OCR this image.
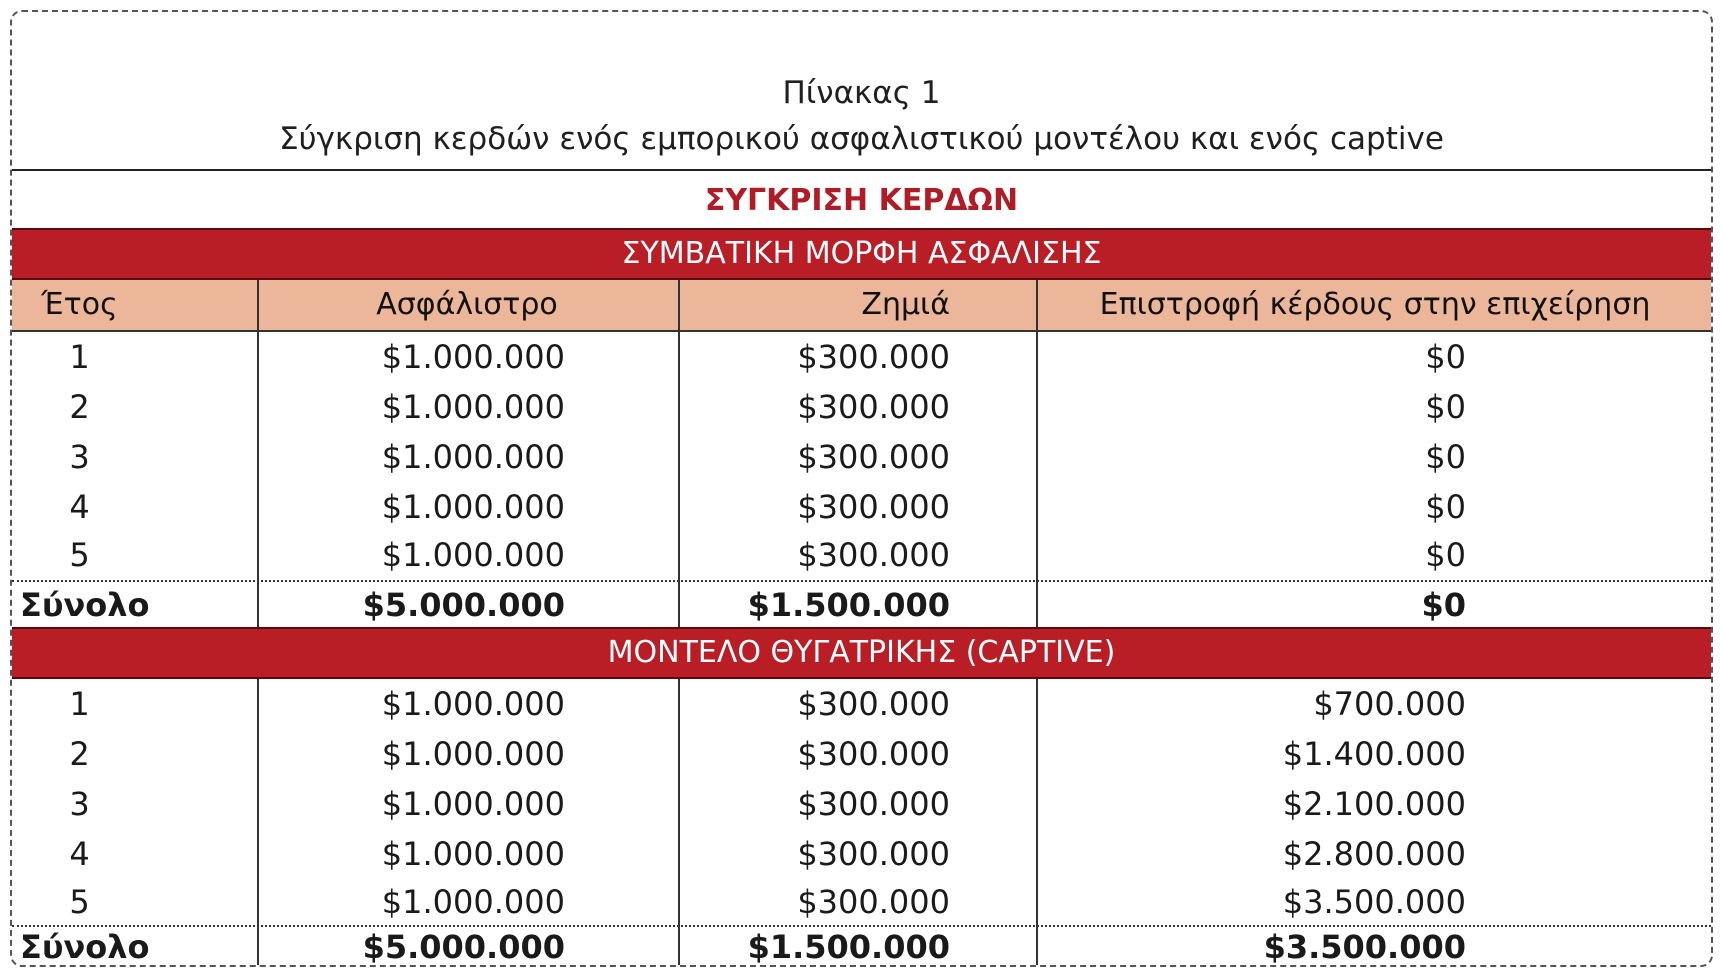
Πίνακας 1
Σύγκριση κερδών ενός εμπορικού ασφαλιστικού μοντέλου και ενός captive
ΣΥΓΚΡΙΣΗ ΚΕΡΔΩΝ
ΣΥΜΒΑΤΙΚΗ ΜΟΡΦΗ ΑΣΦΑΛΙΣΗΣ
Έτος	Ασφάλιστρο	Ζημιά	Επιστροφή κέρδους στην επιχείρηση
1	$1.000.000	$300.000	$0
2	$1.000.000	$300.000	$0
3	$1.000.000	$300.000	$0
4	$1.000.000	$300.000	$0
5	$1.000.000	$300.000	$0
Σύνολο	$5.000.000	$1.500.000	$0
ΜΟΝΤΕΛΟ ΘΥΓΑΤΡΙΚΗΣ (CAPTIVE)
1	$1.000.000	$300.000	$700.000
2	$1.000.000	$300.000	$1.400.000
3	$1.000.000	$300.000	$2.100.000
4	$1.000.000	$300.000	$2.800.000
5	$1.000.000	$300.000	$3.500.000
Σύνολο	$5.000.000	$1.500.000	$3.500.000
